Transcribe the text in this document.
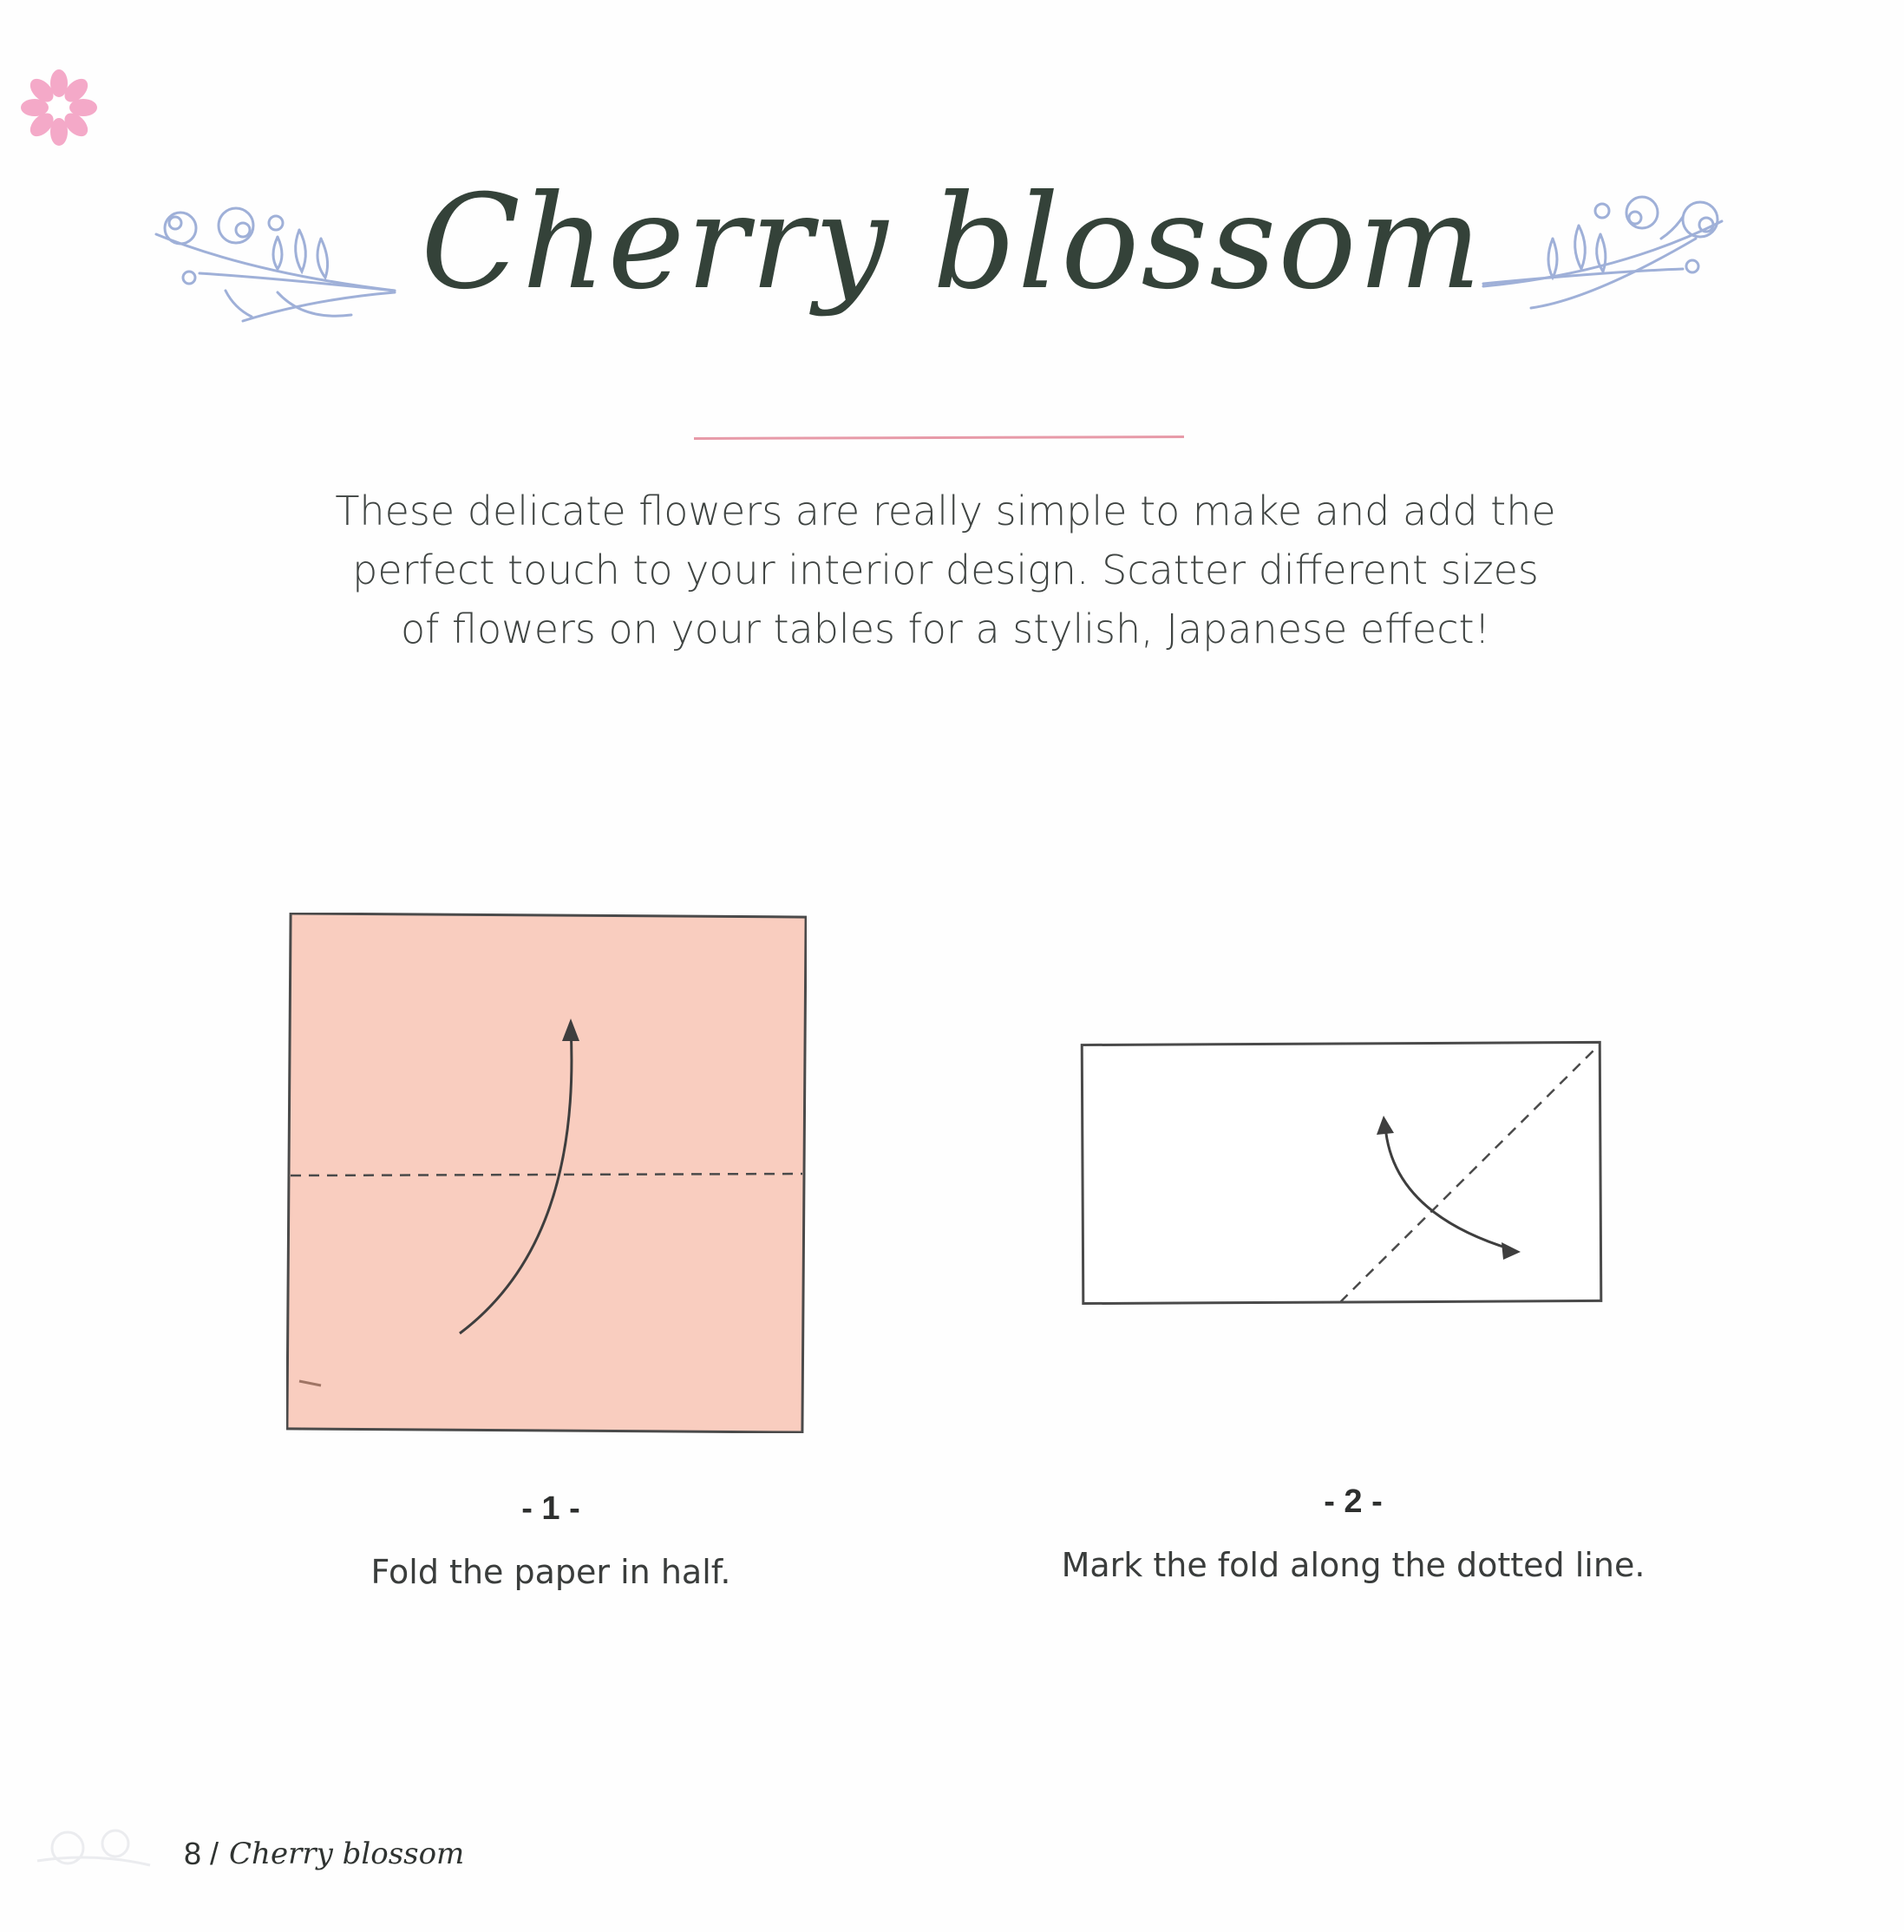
Cherry blossom

These delicate flowers are really simple to make and add the

perfect touch to your interior design. Scatter different sizes

of flowers on your tables for a stylish, Japanese effect!

- 1 -
Fold the paper in half.
- 2 -
Mark the fold along the dotted line.
8 / Cherry blossom
